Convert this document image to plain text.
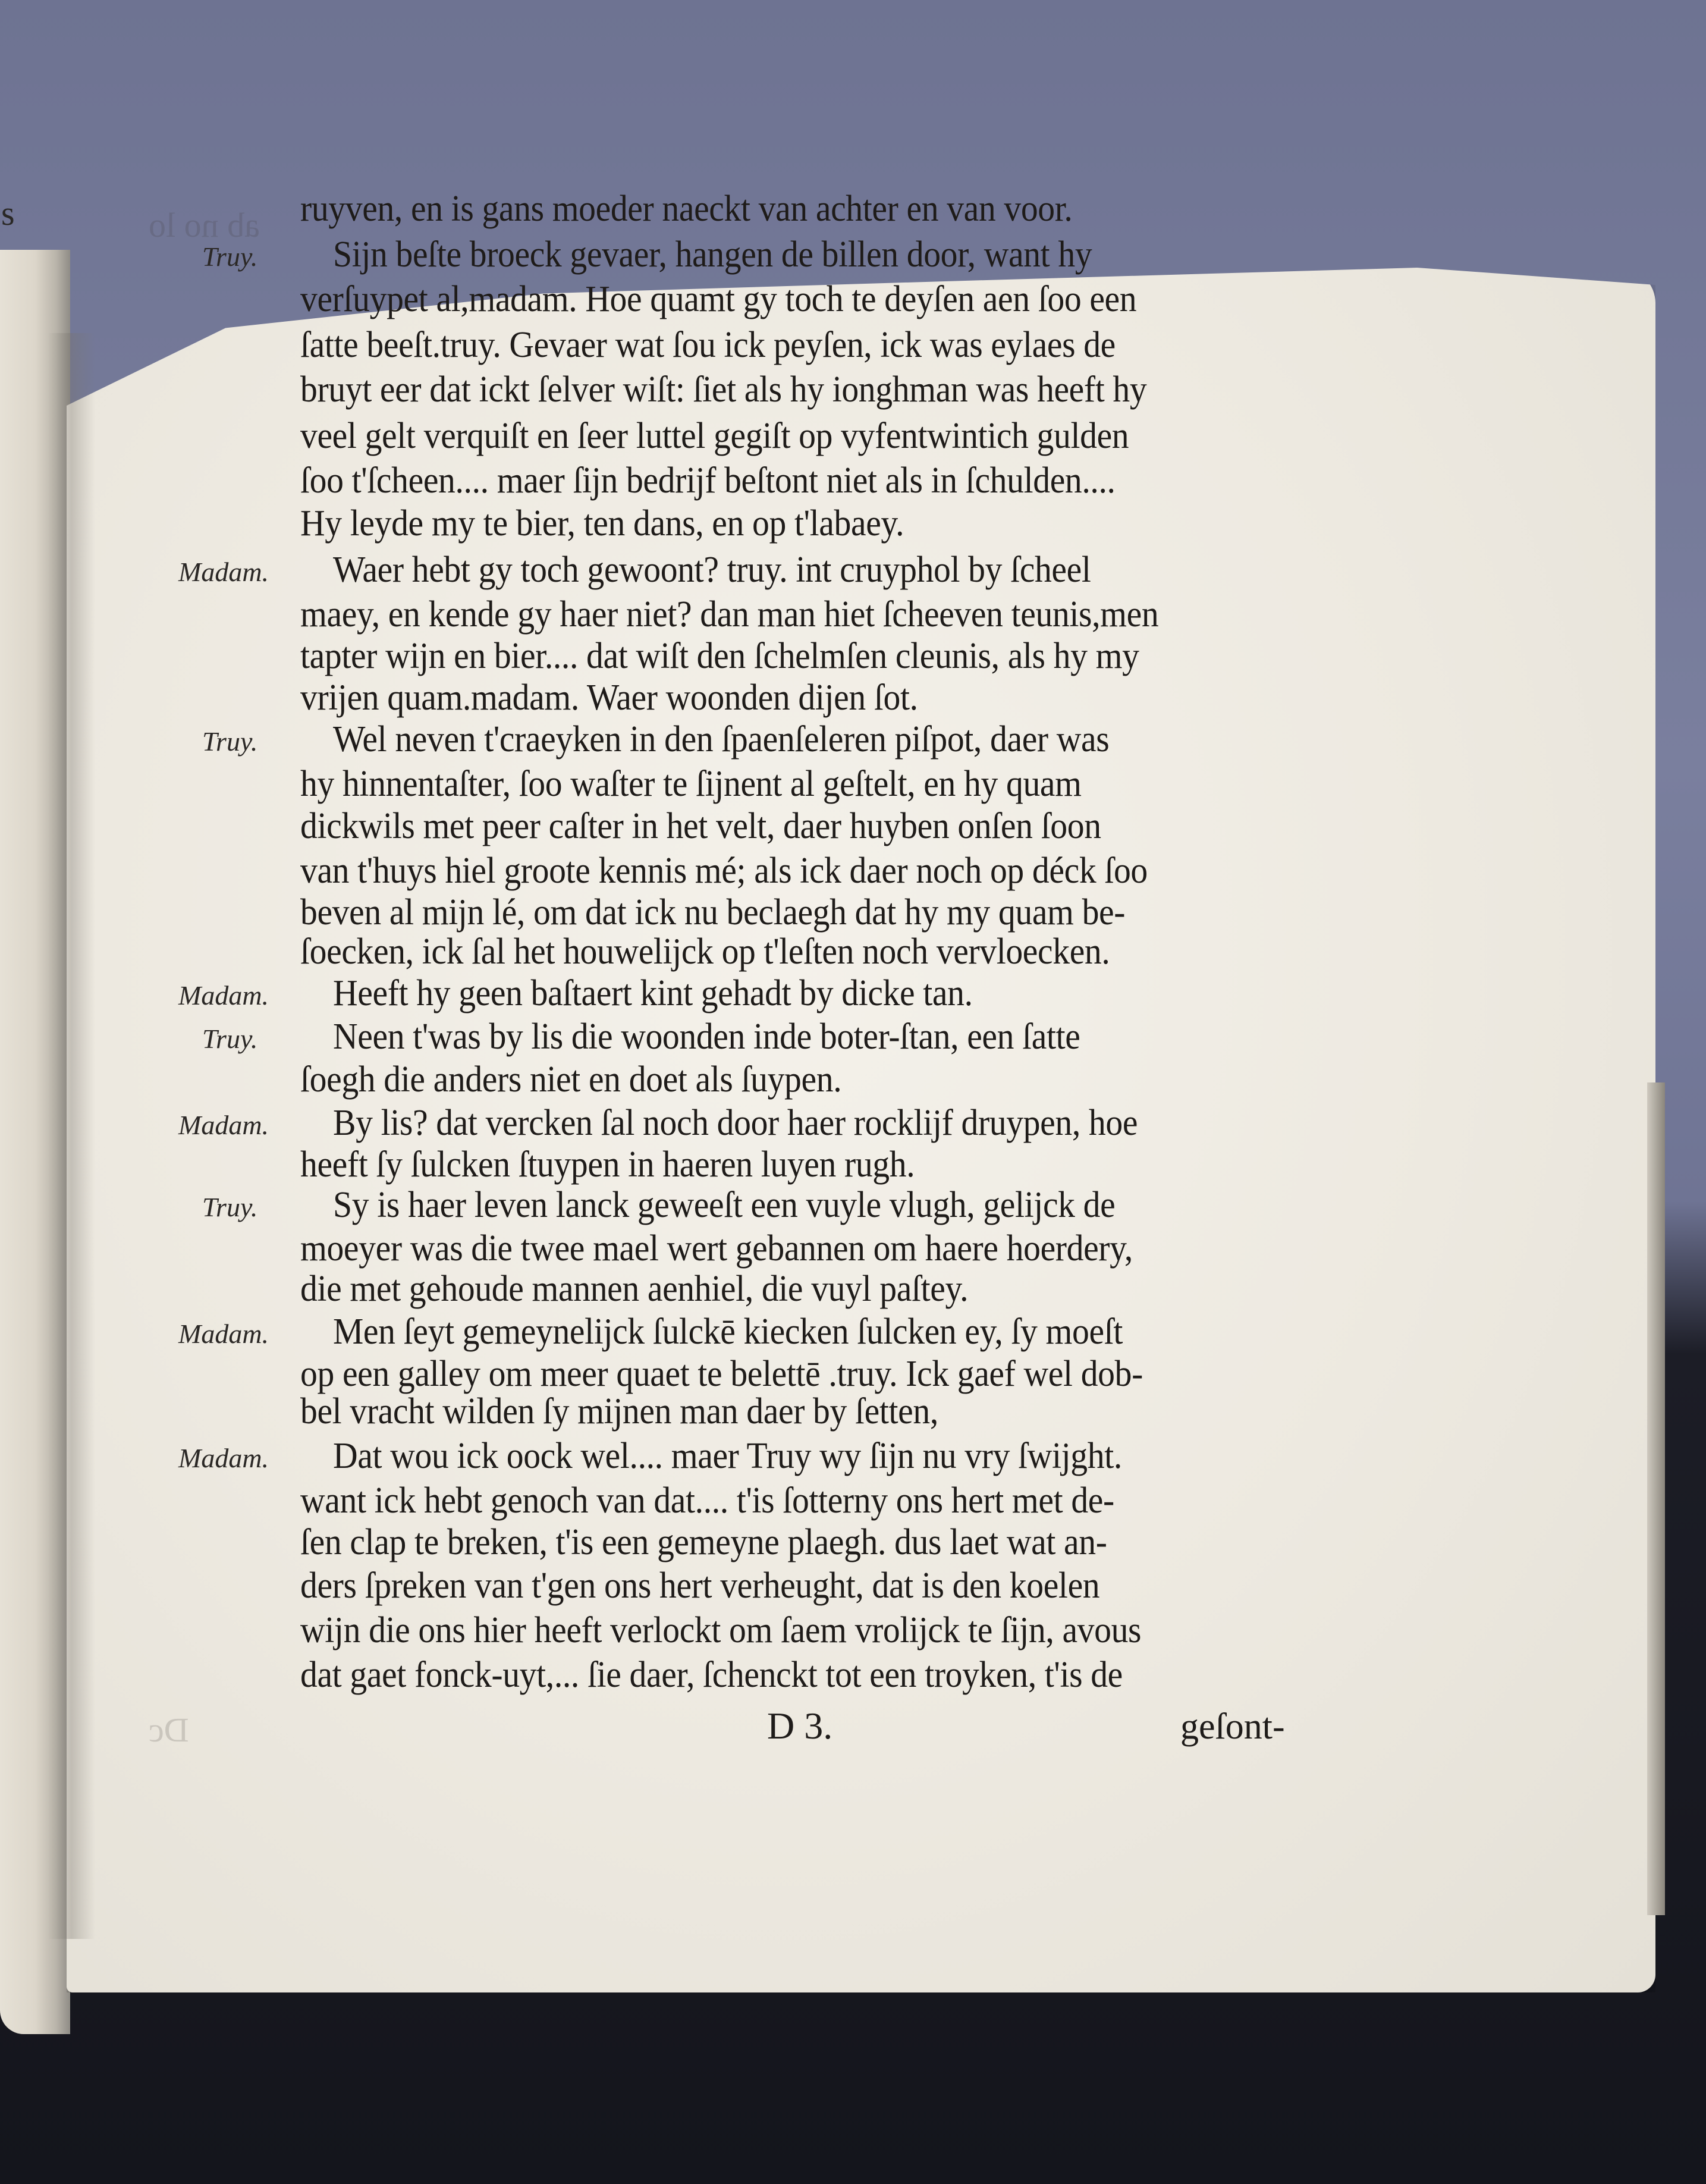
s	ab no lo
Dc
ruyven, en is gans moeder naeckt van achter en van voor.
Sijn beſte broeck gevaer, hangen de billen door, want hy
verſuypet al,madam. Hoe quamt gy toch te deyſen aen ſoo een
ſatte beeſt.truy. Gevaer wat ſou ick peyſen, ick was eylaes de
bruyt eer dat ickt ſelver wiſt: ſiet als hy ionghman was heeft hy
veel gelt verquiſt en ſeer luttel gegiſt op vyfentwintich gulden
ſoo t'ſcheen.... maer ſijn bedrijf beſtont niet als in ſchulden....
Hy leyde my te bier, ten dans, en op t'labaey.
Waer hebt gy toch gewoont? truy. int cruyphol by ſcheel
maey, en kende gy haer niet? dan man hiet ſcheeven teunis,men
tapter wijn en bier.... dat wiſt den ſchelmſen cleunis, als hy my
vrijen quam.madam. Waer woonden dijen ſot.
Wel neven t'craeyken in den ſpaenſeleren piſpot, daer was
hy hinnentaſter, ſoo waſter te ſijnent al geſtelt, en hy quam
dickwils met peer caſter in het velt, daer huyben onſen ſoon
van t'huys hiel groote kennis mé; als ick daer noch op déck ſoo
beven al mijn lé, om dat ick nu beclaegh dat hy my quam be-
ſoecken, ick ſal het houwelijck op t'leſten noch vervloecken.
Heeft hy geen baſtaert kint gehadt by dicke tan.
Neen t'was by lis die woonden inde boter-ſtan, een ſatte
ſoegh die anders niet en doet als ſuypen.
By lis? dat vercken ſal noch door haer rocklijf druypen, hoe
heeft ſy ſulcken ſtuypen in haeren luyen rugh.
Sy is haer leven lanck geweeſt een vuyle vlugh, gelijck de
moeyer was die twee mael wert gebannen om haere hoerdery,
die met gehoude mannen aenhiel, die vuyl paſtey.
Men ſeyt gemeynelijck ſulckē kiecken ſulcken ey, ſy moeſt
op een galley om meer quaet te belettē .truy. Ick gaef wel dob-
bel vracht wilden ſy mijnen man daer by ſetten,
Dat wou ick oock wel.... maer Truy wy ſijn nu vry ſwijght.
want ick hebt genoch van dat.... t'is ſotterny ons hert met de-
ſen clap te breken, t'is een gemeyne plaegh. dus laet wat an-
ders ſpreken van t'gen ons hert verheught, dat is den koelen
wijn die ons hier heeft verlockt om ſaem vrolijck te ſijn, avous
dat gaet fonck-uyt,... ſie daer, ſchenckt tot een troyken, t'is de
Truy.
Madam.
Truy.
Madam.
Truy.
Madam.
Truy.
Madam.
Madam.
D 3.	geſont-
